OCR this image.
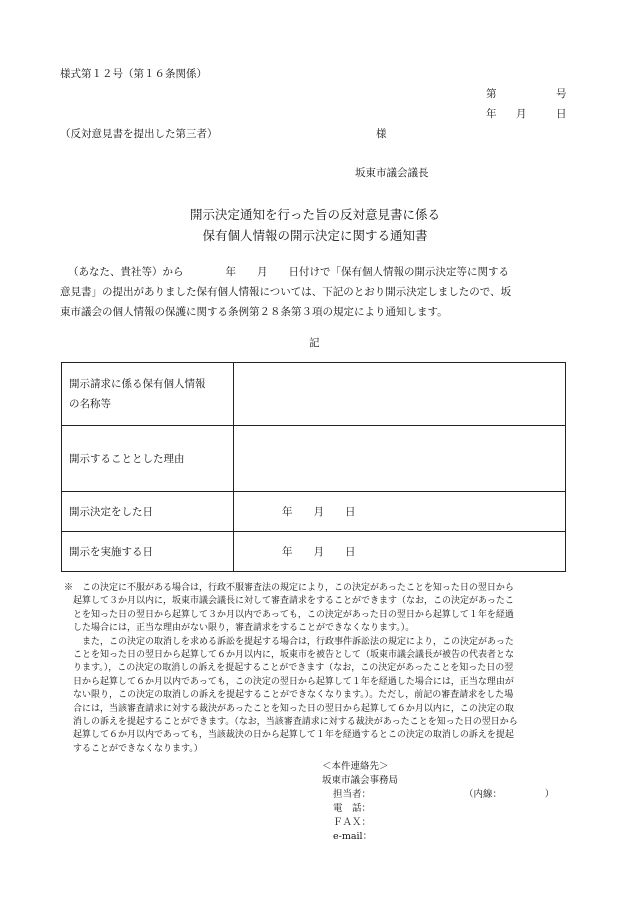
様式第１２号（第１６条関係）
第	号
年 月	日
（反対意見書を提出した第三者）	様
坂東市議会議長
開示決定通知を行った旨の反対意見書に係る
保有個人情報の開示決定に関する通知書
（あなた、貴社等）から　　　　年　　月　　日付けで「保有個人情報の開示決定等に関する
意見書」の提出がありました保有個人情報については、下記のとおり開示決定しましたので、坂
東市議会の個人情報の保護に関する条例第２８条第３項の規定により通知します。
記
開示請求に係る保有個人情報
の名称等	

開示することとした理由	
開示決定をした日	年　　月　　日
開示を実施する日	年　　月　　日
※　この決定に不服がある場合は，行政不服審査法の規定により，この決定があったことを知った日の翌日から
　起算して３か月以内に，坂東市議会議長に対して審査請求をすることができます（なお，この決定があったこ
　とを知った日の翌日から起算して３か月以内であっても，この決定があった日の翌日から起算して１年を経過
　した場合には，正当な理由がない限り，審査請求をすることができなくなります。）。
　　また，この決定の取消しを求める訴訟を提起する場合は，行政事件訴訟法の規定により，この決定があった
　ことを知った日の翌日から起算して６か月以内に，坂東市を被告として（坂東市議会議長が被告の代表者とな
　ります。），この決定の取消しの訴えを提起することができます（なお，この決定があったことを知った日の翌
　日から起算して６か月以内であっても，この決定の翌日から起算して１年を経過した場合には，正当な理由が
　ない限り，この決定の取消しの訴えを提起することができなくなります。）。ただし，前記の審査請求をした場
　合には，当該審査請求に対する裁決があったことを知った日の翌日から起算して６か月以内に，この決定の取
　消しの訴えを提起することができます。（なお，当該審査請求に対する裁決があったことを知った日の翌日から
　起算して６か月以内であっても，当該裁決の日から起算して１年を経過するとこの決定の取消しの訴えを提起
　することができなくなります。）
＜本件連絡先＞
坂東市議会事務局
担当者：	（内線：　　　　　）
電　話：
ＦＡＸ：
e-mail：
